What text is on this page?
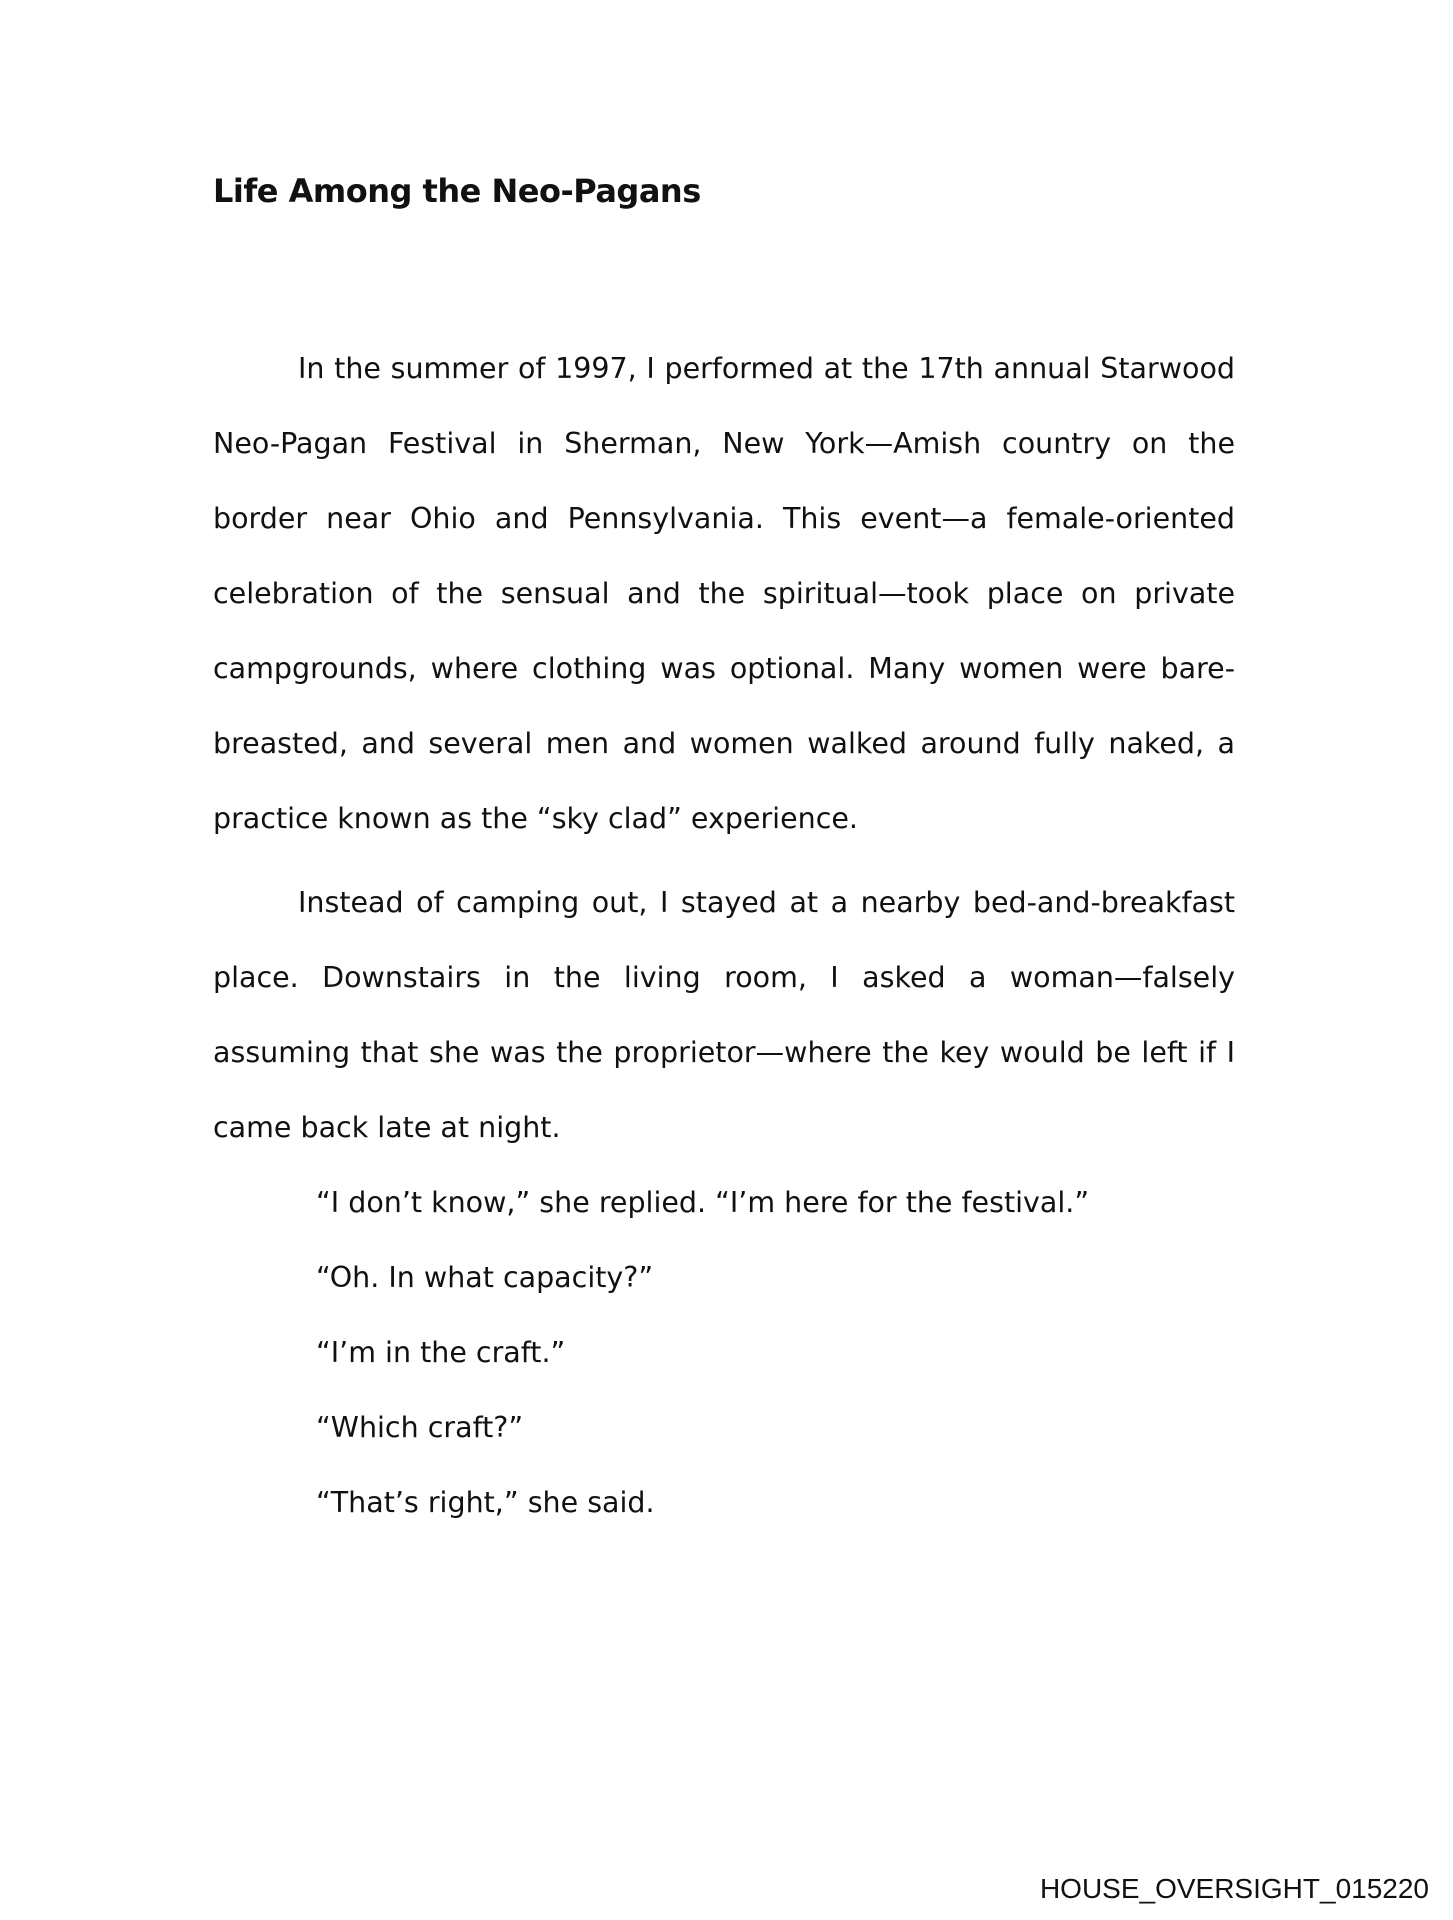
Life Among the Neo-Pagans

In the summer of 1997, I performed at the 17th annual Starwood Neo-Pagan Festival in Sherman, New York—Amish country on the border near Ohio and Pennsylvania. This event—a female-oriented celebration of the sensual and the spiritual—took place on private campgrounds, where clothing was optional. Many women were bare-breasted, and several men and women walked around fully naked, a practice known as the “sky clad” experience.

Instead of camping out, I stayed at a nearby bed-and-breakfast place. Downstairs in the living room, I asked a woman—falsely assuming that she was the proprietor—where the key would be left if I came back late at night.

“I don’t know,” she replied. “I’m here for the festival.”

“Oh. In what capacity?”

“I’m in the craft.”

“Which craft?”

“That’s right,” she said.

HOUSE_OVERSIGHT_015220
